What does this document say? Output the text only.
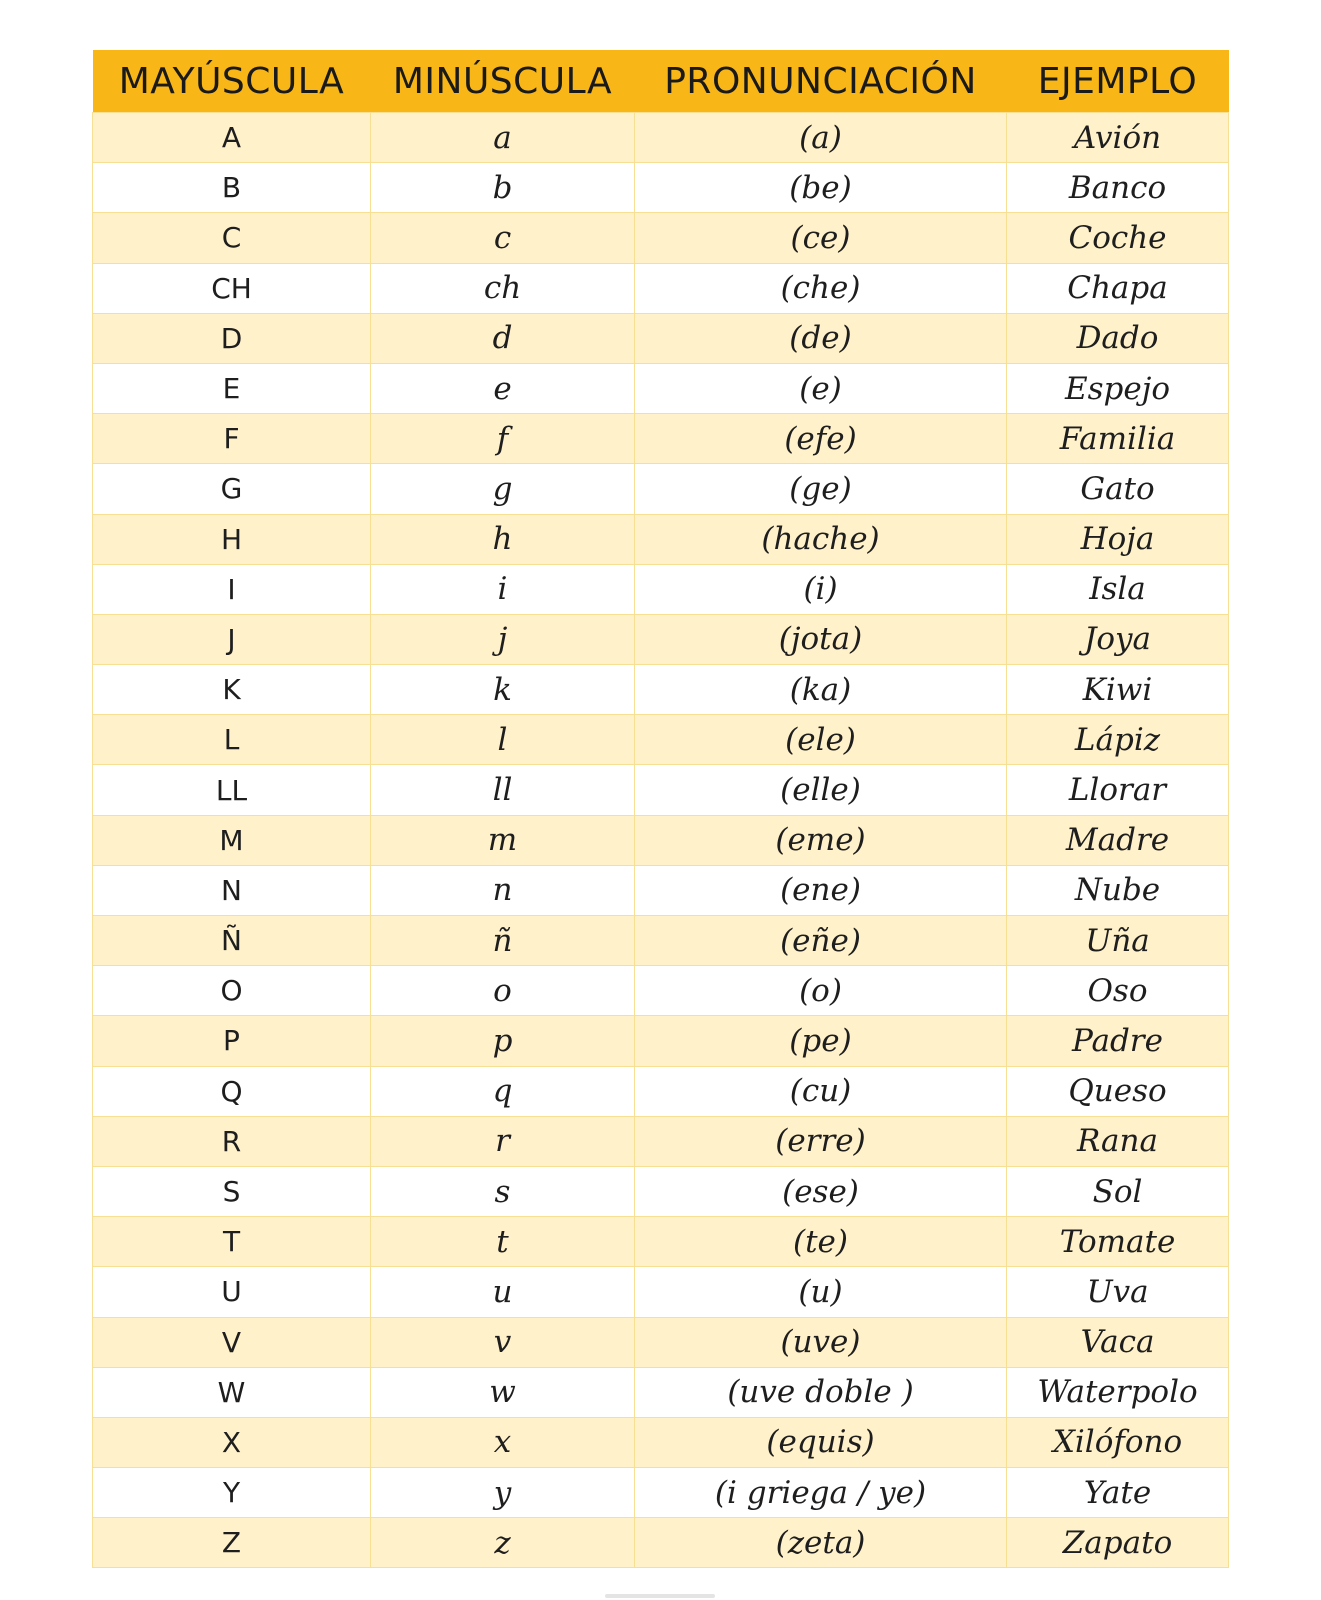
MAYÚSCULA	MINÚSCULA	PRONUNCIACIÓN	EJEMPLO
A	a	(a)	Avión
B	b	(be)	Banco
C	c	(ce)	Coche
CH	ch	(che)	Chapa
D	d	(de)	Dado
E	e	(e)	Espejo
F	f	(efe)	Familia
G	g	(ge)	Gato
H	h	(hache)	Hoja
I	i	(i)	Isla
J	j	(jota)	Joya
K	k	(ka)	Kiwi
L	l	(ele)	Lápiz
LL	ll	(elle)	Llorar
M	m	(eme)	Madre
N	n	(ene)	Nube
Ñ	ñ	(eñe)	Uña
O	o	(o)	Oso
P	p	(pe)	Padre
Q	q	(cu)	Queso
R	r	(erre)	Rana
S	s	(ese)	Sol
T	t	(te)	Tomate
U	u	(u)	Uva
V	v	(uve)	Vaca
W	w	(uve doble )	Waterpolo
X	x	(equis)	Xilófono
Y	y	(i griega / ye)	Yate
Z	z	(zeta)	Zapato
